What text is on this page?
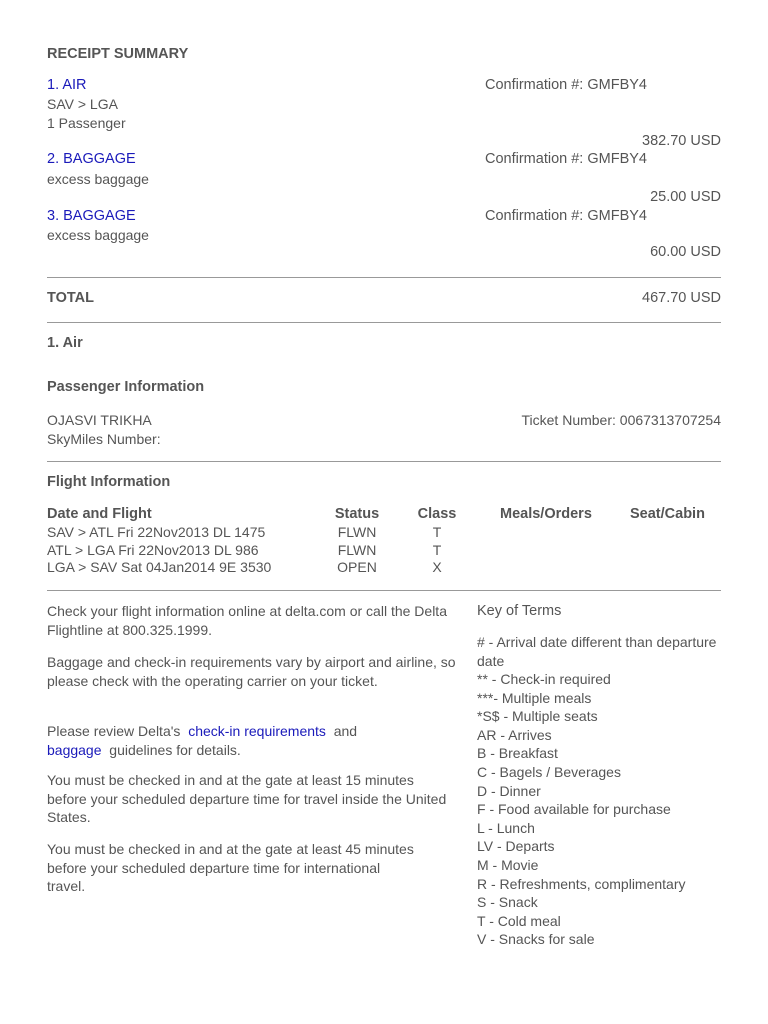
RECEIPT SUMMARY
1. AIR
SAV > LGA
1 Passenger
Confirmation #: GMFBY4
382.70 USD
2. BAGGAGE
excess baggage
Confirmation #: GMFBY4
25.00 USD
3. BAGGAGE
excess baggage
Confirmation #: GMFBY4
60.00 USD
TOTAL	467.70 USD
1. Air
Passenger Information
OJASVI TRIKHA
SkyMiles Number:
Ticket Number: 0067313707254
Flight Information
Date and Flight	Status	Class	Meals/Orders	Seat/Cabin
SAV > ATL Fri 22Nov2013 DL 1475	FLWN	T
ATL > LGA Fri 22Nov2013 DL 986	FLWN	T
LGA > SAV Sat 04Jan2014 9E 3530	OPEN	X
Check your flight information online at delta.com or call the Delta Flightline at 800.325.1999.
Baggage and check-in requirements vary by airport and airline, so please check with the operating carrier on your ticket.
Please review Delta's check-in requirements and
baggage guidelines for details.
You must be checked in and at the gate at least 15 minutes before your scheduled departure time for travel inside the United States.
You must be checked in and at the gate at least 45 minutes before your scheduled departure time for international travel.
Key of Terms
# - Arrival date different than departure date
** - Check-in required
***- Multiple meals
*S$ - Multiple seats
AR - Arrives
B - Breakfast
C - Bagels / Beverages
D - Dinner
F - Food available for purchase
L - Lunch
LV - Departs
M - Movie
R - Refreshments, complimentary
S - Snack
T - Cold meal
V - Snacks for sale
